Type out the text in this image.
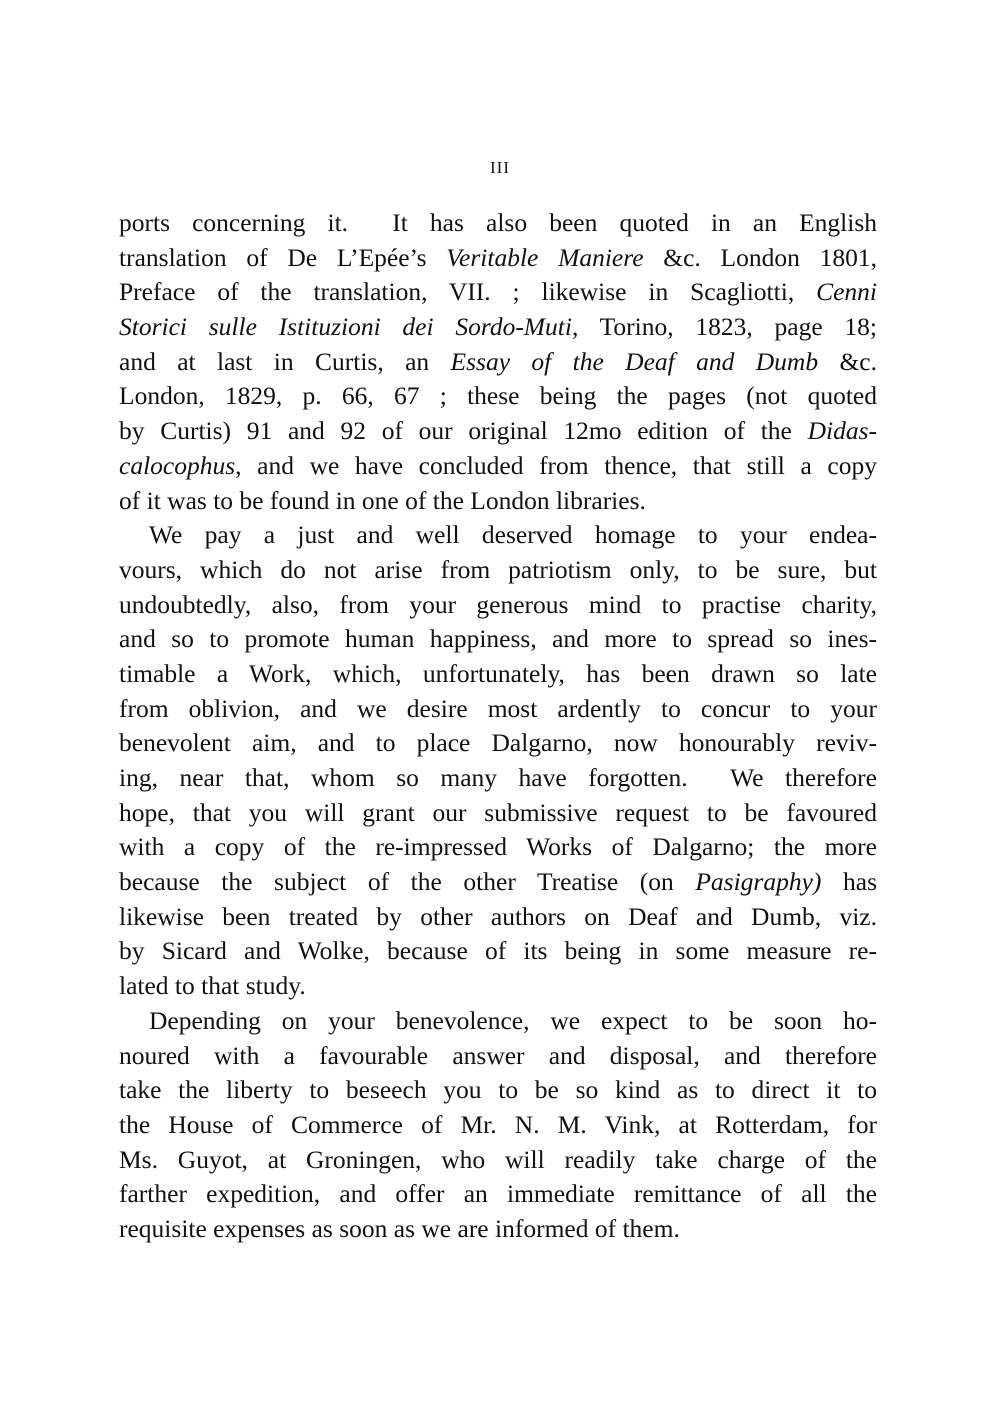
III
ports concerning it.  It has also been quoted in an English
translation of De L’Epée’s Veritable Maniere &c. London 1801,
Preface of the translation, VII. ; likewise in Scagliotti, Cenni
Storici sulle Istituzioni dei Sordo-Muti, Torino, 1823, page 18;
and at last in Curtis, an Essay of the Deaf and Dumb &c.
London, 1829, p. 66, 67 ; these being the pages (not quoted
by Curtis) 91 and 92 of our original 12mo edition of the Didas-
calocophus, and we have concluded from thence, that still a copy
of it was to be found in one of the London libraries.
We pay a just and well deserved homage to your endea-
vours, which do not arise from patriotism only, to be sure, but
undoubtedly, also, from your generous mind to practise charity,
and so to promote human happiness, and more to spread so ines-
timable a Work, which, unfortunately, has been drawn so late
from oblivion, and we desire most ardently to concur to your
benevolent aim, and to place Dalgarno, now honourably reviv-
ing, near that, whom so many have forgotten.  We therefore
hope, that you will grant our submissive request to be favoured
with a copy of the re-impressed Works of Dalgarno; the more
because the subject of the other Treatise (on Pasigraphy) has
likewise been treated by other authors on Deaf and Dumb, viz.
by Sicard and Wolke, because of its being in some measure re-
lated to that study.
Depending on your benevolence, we expect to be soon ho-
noured with a favourable answer and disposal, and therefore
take the liberty to beseech you to be so kind as to direct it to
the House of Commerce of Mr. N. M. Vink, at Rotterdam, for
Ms. Guyot, at Groningen, who will readily take charge of the
farther expedition, and offer an immediate remittance of all the
requisite expenses as soon as we are informed of them.
